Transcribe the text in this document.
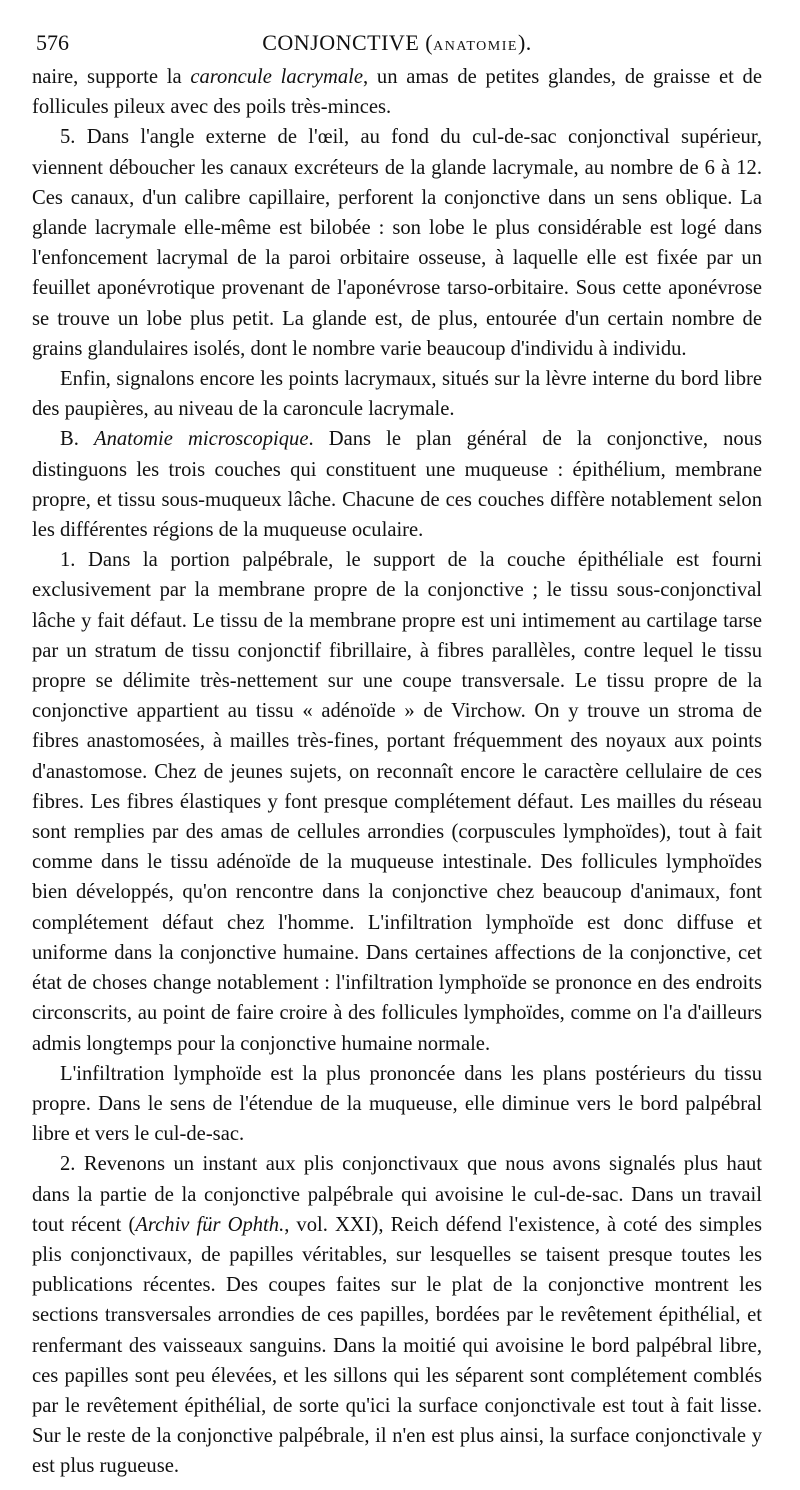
576	CONJONCTIVE (ANATOMIE).

naire, supporte la caroncule lacrymale, un amas de petites glandes, de graisse et de follicules pileux avec des poils très-minces.

5. Dans l'angle externe de l'œil, au fond du cul-de-sac conjonctival supérieur, viennent déboucher les canaux excréteurs de la glande lacrymale, au nombre de 6 à 12. Ces canaux, d'un calibre capillaire, perforent la conjonctive dans un sens oblique. La glande lacrymale elle-même est bilobée : son lobe le plus considérable est logé dans l'enfoncement lacrymal de la paroi orbitaire osseuse, à laquelle elle est fixée par un feuillet aponévrotique provenant de l'aponévrose tarso-orbitaire. Sous cette aponévrose se trouve un lobe plus petit. La glande est, de plus, entourée d'un certain nombre de grains glandulaires isolés, dont le nombre varie beaucoup d'individu à individu.

Enfin, signalons encore les points lacrymaux, situés sur la lèvre interne du bord libre des paupières, au niveau de la caroncule lacrymale.

B. Anatomie microscopique. Dans le plan général de la conjonctive, nous distinguons les trois couches qui constituent une muqueuse : épithélium, membrane propre, et tissu sous-muqueux lâche. Chacune de ces couches diffère notablement selon les différentes régions de la muqueuse oculaire.

1. Dans la portion palpébrale, le support de la couche épithéliale est fourni exclusivement par la membrane propre de la conjonctive ; le tissu sous-conjonctival lâche y fait défaut. Le tissu de la membrane propre est uni intimement au cartilage tarse par un stratum de tissu conjonctif fibrillaire, à fibres parallèles, contre lequel le tissu propre se délimite très-nettement sur une coupe transversale. Le tissu propre de la conjonctive appartient au tissu « adénoïde » de Virchow. On y trouve un stroma de fibres anastomosées, à mailles très-fines, portant fréquemment des noyaux aux points d'anastomose. Chez de jeunes sujets, on reconnaît encore le caractère cellulaire de ces fibres. Les fibres élastiques y font presque complétement défaut. Les mailles du réseau sont remplies par des amas de cellules arrondies (corpuscules lymphoïdes), tout à fait comme dans le tissu adénoïde de la muqueuse intestinale. Des follicules lymphoïdes bien développés, qu'on rencontre dans la conjonctive chez beaucoup d'animaux, font complétement défaut chez l'homme. L'infiltration lymphoïde est donc diffuse et uniforme dans la conjonctive humaine. Dans certaines affections de la conjonctive, cet état de choses change notablement : l'infiltration lymphoïde se prononce en des endroits circonscrits, au point de faire croire à des follicules lymphoïdes, comme on l'a d'ailleurs admis longtemps pour la conjonctive humaine normale.

L'infiltration lymphoïde est la plus prononcée dans les plans postérieurs du tissu propre. Dans le sens de l'étendue de la muqueuse, elle diminue vers le bord palpébral libre et vers le cul-de-sac.

2. Revenons un instant aux plis conjonctivaux que nous avons signalés plus haut dans la partie de la conjonctive palpébrale qui avoisine le cul-de-sac. Dans un travail tout récent (Archiv für Ophth., vol. XXI), Reich défend l'existence, à coté des simples plis conjonctivaux, de papilles véritables, sur lesquelles se taisent presque toutes les publications récentes. Des coupes faites sur le plat de la conjonctive montrent les sections transversales arrondies de ces papilles, bordées par le revêtement épithélial, et renfermant des vaisseaux sanguins. Dans la moitié qui avoisine le bord palpébral libre, ces papilles sont peu élevées, et les sillons qui les séparent sont complétement comblés par le revêtement épithélial, de sorte qu'ici la surface conjonctivale est tout à fait lisse. Sur le reste de la conjonctive palpébrale, il n'en est plus ainsi, la surface conjonctivale y est plus rugueuse.
